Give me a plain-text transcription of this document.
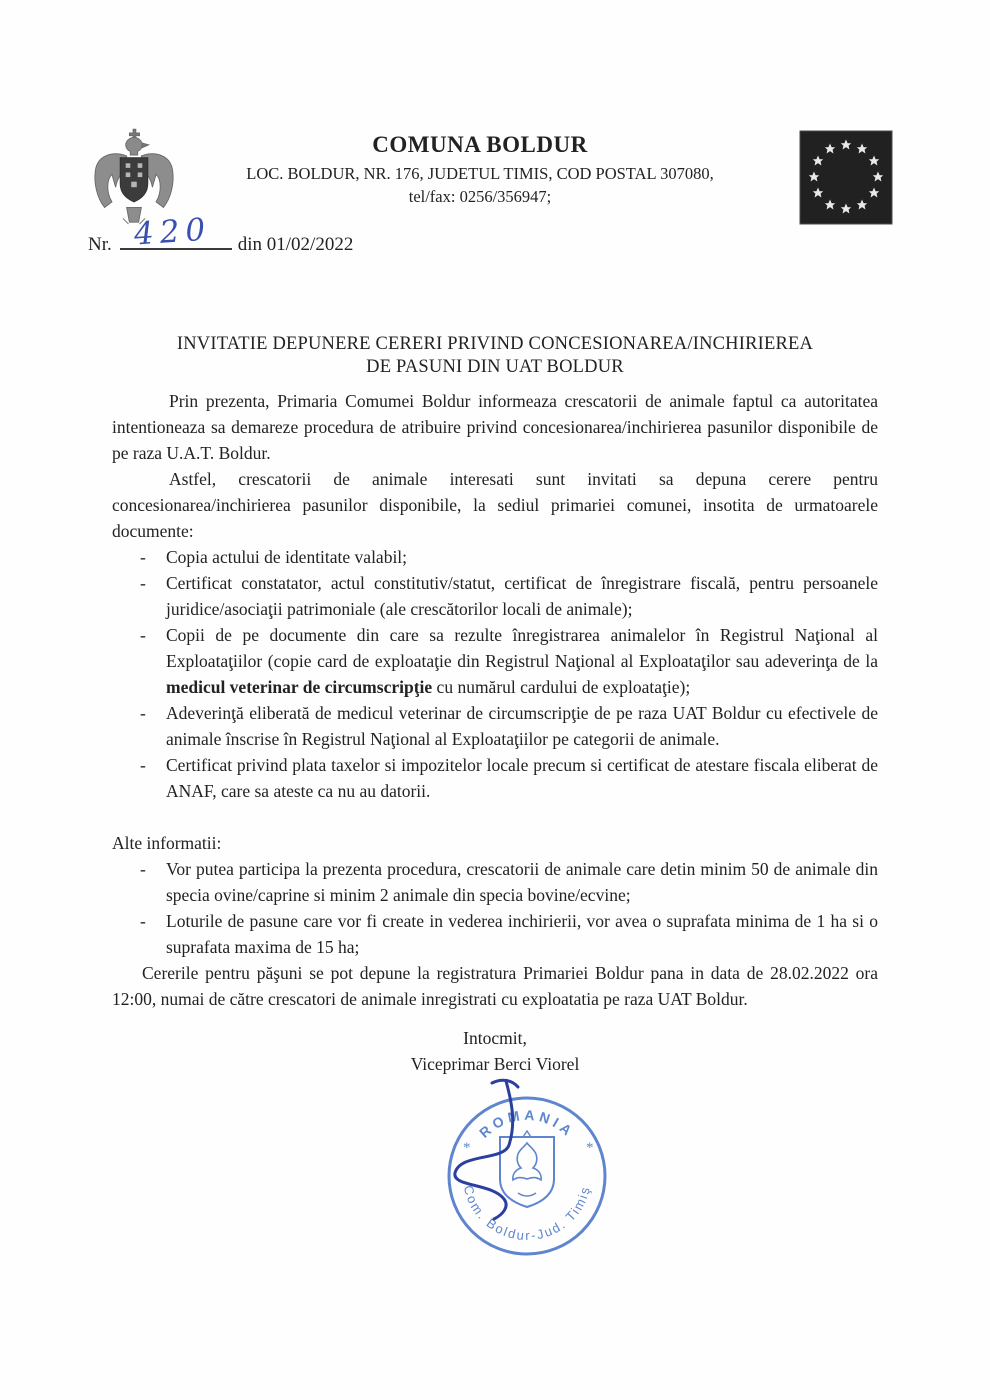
COMUNA BOLDUR
LOC. BOLDUR, NR. 176, JUDETUL TIMIS, COD POSTAL 307080,
tel/fax: 0256/356947;
Nr.	din 01/02/2022
420
INVITATIE DEPUNERE CERERI PRIVIND CONCESIONAREA/INCHIRIEREA
DE PASUNI DIN UAT BOLDUR

Prin prezenta, Primaria Comumei Boldur informeaza crescatorii de animale faptul ca autoritatea intentioneaza sa demareze procedura de atribuire privind concesionarea/inchirierea pasunilor disponibile de pe raza U.A.T. Boldur.

Astfel, crescatorii de animale interesati sunt invitati sa depuna cerere pentru concesionarea/inchirierea pasunilor disponibile, la sediul primariei comunei, insotita de urmatoarele documente:

-	Copia actului de identitate valabil;
-	Certificat constatator, actul constitutiv/statut, certificat de înregistrare fiscală, pentru persoanele juridice/asociaţii patrimoniale (ale crescătorilor locali de animale);
-	Copii de pe documente din care sa rezulte înregistrarea animalelor în Registrul Naţional al Exploataţiilor (copie card de exploataţie din Registrul Naţional al Exploataţilor sau adeverinţa de la medicul veterinar de circumscripţie cu numărul cardului de exploataţie);
-	Adeverinţă eliberată de medicul veterinar de circumscripţie de pe raza UAT Boldur cu efectivele de animale înscrise în Registrul Naţional al Exploataţiilor pe categorii de animale.
-	Certificat privind plata taxelor si impozitelor locale precum si certificat de atestare fiscala eliberat de ANAF, care sa ateste ca nu au datorii.

Alte informatii:

-	Vor putea participa la prezenta procedura, crescatorii de animale care detin minim 50 de animale din specia ovine/caprine si minim 2 animale din specia bovine/ecvine;
-	Loturile de pasune care vor fi create in vederea inchirierii, vor avea o suprafata minima de 1 ha si o suprafata maxima de 15 ha;

Cererile pentru păşuni se pot depune la registratura Primariei Boldur pana in data de 28.02.2022 ora 12:00, numai de către crescatori de animale inregistrati cu exploatatia pe raza UAT Boldur.

Intocmit,
Viceprimar Berci Viorel
ROMANIA
Com. Boldur-Jud. Timiş
*	*
